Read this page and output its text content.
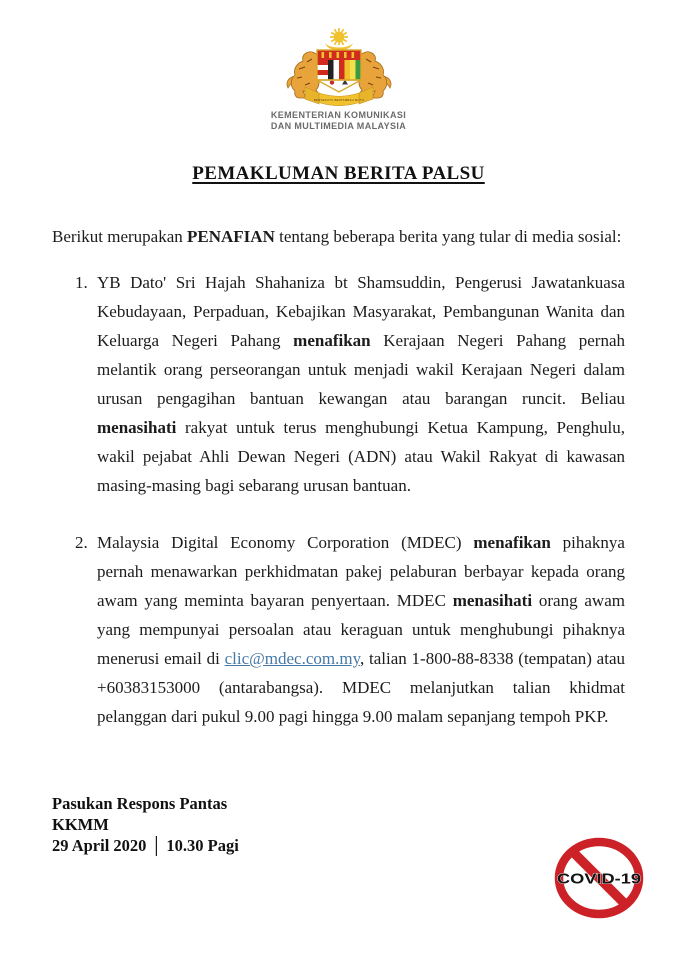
BERSEKUTU BERTAMBAH MUTU
KEMENTERIAN KOMUNIKASI
DAN MULTIMEDIA MALAYSIA
PEMAKLUMAN BERITA PALSU

Berikut merupakan PENAFIAN tentang beberapa berita yang tular di media sosial:

1. YB Dato' Sri Hajah Shahaniza bt Shamsuddin, Pengerusi Jawatankuasa Kebudayaan, Perpaduan, Kebajikan Masyarakat, Pembangunan Wanita dan Keluarga Negeri Pahang menafikan Kerajaan Negeri Pahang pernah melantik orang perseorangan untuk menjadi wakil Kerajaan Negeri dalam urusan pengagihan bantuan kewangan atau barangan runcit. Beliau menasihati rakyat untuk terus menghubungi Ketua Kampung, Penghulu, wakil pejabat Ahli Dewan Negeri (ADN) atau Wakil Rakyat di kawasan masing-masing bagi sebarang urusan bantuan.
2. Malaysia Digital Economy Corporation (MDEC) menafikan pihaknya pernah menawarkan perkhidmatan pakej pelaburan berbayar kepada orang awam yang meminta bayaran penyertaan. MDEC menasihati orang awam yang mempunyai persoalan atau keraguan untuk menghubungi pihaknya menerusi email di clic@mdec.com.my, talian 1-800-88-8338 (tempatan) atau +60383153000 (antarabangsa). MDEC melanjutkan talian khidmat pelanggan dari pukul 9.00 pagi hingga 9.00 malam sepanjang tempoh PKP.
Pasukan Respons Pantas
KKMM
29 April 2020 │ 10.30 Pagi
COVID-19
